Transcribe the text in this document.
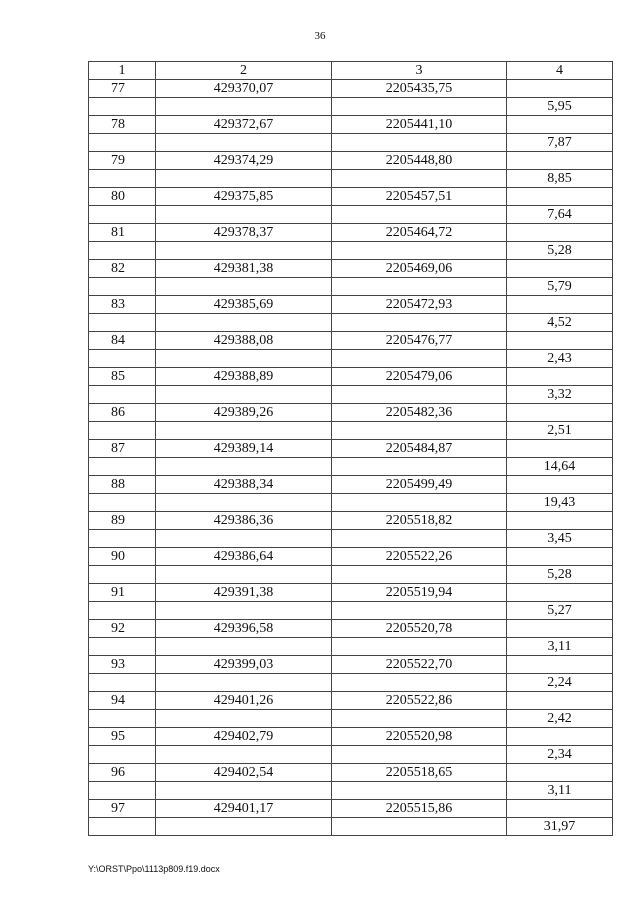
36
1	2	3	4
77	429370,07	2205435,75	
			5,95
78	429372,67	2205441,10	
			7,87
79	429374,29	2205448,80	
			8,85
80	429375,85	2205457,51	
			7,64
81	429378,37	2205464,72	
			5,28
82	429381,38	2205469,06	
			5,79
83	429385,69	2205472,93	
			4,52
84	429388,08	2205476,77	
			2,43
85	429388,89	2205479,06	
			3,32
86	429389,26	2205482,36	
			2,51
87	429389,14	2205484,87	
			14,64
88	429388,34	2205499,49	
			19,43
89	429386,36	2205518,82	
			3,45
90	429386,64	2205522,26	
			5,28
91	429391,38	2205519,94	
			5,27
92	429396,58	2205520,78	
			3,11
93	429399,03	2205522,70	
			2,24
94	429401,26	2205522,86	
			2,42
95	429402,79	2205520,98	
			2,34
96	429402,54	2205518,65	
			3,11
97	429401,17	2205515,86	
			31,97
Y:\ORST\Ppo\1113p809.f19.docx
